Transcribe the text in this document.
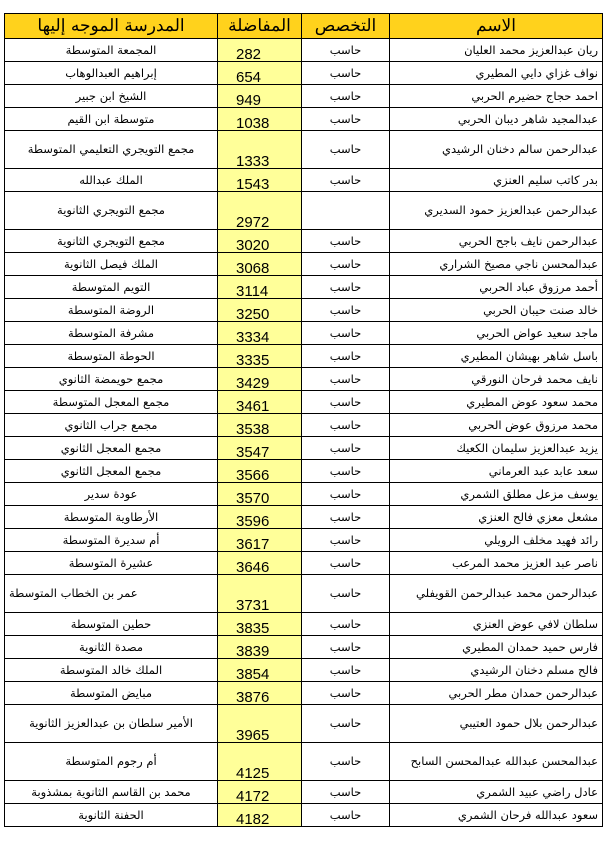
الاسم	التخصص	المفاضلة	المدرسة الموجه إليها
ريان عبدالعزيز محمد العليان	حاسب	282	المجمعة المتوسطة
نواف غزاي دايي المطيري	حاسب	654	إبراهيم العبدالوهاب
احمد حجاج حضيرم الحربي	حاسب	949	الشيخ ابن جبير
عبدالمجيد شاهر ديبان الحربي	حاسب	1038	متوسطة ابن القيم
عبدالرحمن سالم دخنان الرشيدي	حاسب	1333	مجمع التويجري التعليمي المتوسطة
بدر كاتب سليم العنزي	حاسب	1543	الملك عبدالله
عبدالرحمن عبدالعزيز حمود السديري		2972	مجمع التويجري الثانوية
عبدالرحمن نايف باجح الحربي	حاسب	3020	مجمع التويجري الثانوية
عبدالمحسن ناجي مصيخ الشراري	حاسب	3068	الملك فيصل الثانوية
أحمد مرزوق عباد الحربي	حاسب	3114	التويم المتوسطة
خالد صنت حيبان الحربي	حاسب	3250	الروضة المتوسطة
ماجد سعيد عواض الحربي	حاسب	3334	مشرفة المتوسطة
باسل شاهر بهيشان المطيري	حاسب	3335	الحوطة المتوسطة
نايف محمد فرحان النورقي	حاسب	3429	مجمع حويمضة الثانوي
محمد سعود عوض المطيري	حاسب	3461	مجمع المعجل المتوسطة
محمد مرزوق عوض الحربي	حاسب	3538	مجمع جراب الثانوي
يزيد عبدالعزيز سليمان الكعيك	حاسب	3547	مجمع المعجل الثانوي
سعد عابد عبد العرماني	حاسب	3566	مجمع المعجل الثانوي
يوسف مزعل مطلق الشمري	حاسب	3570	عودة سدير
مشعل معزي فالح العنزي	حاسب	3596	الأرطاوية المتوسطة
رائد فهيد مخلف الرويلي	حاسب	3617	أم سديرة المتوسطة
ناصر عبد العزيز محمد المرعب	حاسب	3646	عشيرة المتوسطة
عبدالرحمن محمد عبدالرحمن القويفلي	حاسب	3731	عمر بن الخطاب المتوسطة
سلطان لافي عوض العنزي	حاسب	3835	حطين المتوسطة
فارس حميد حمدان المطيري	حاسب	3839	مصدة الثانوية
فالح مسلم دخنان الرشيدي	حاسب	3854	الملك خالد المتوسطة
عبدالرحمن حمدان مطر الحربي	حاسب	3876	مبايض المتوسطة
عبدالرحمن بلال حمود العتيبي	حاسب	3965	الأمير سلطان بن عبدالعزيز الثانوية
عبدالمحسن عبدالله عبدالمحسن السابح	حاسب	4125	أم رجوم المتوسطة
عادل راضي عبيد الشمري	حاسب	4172	محمد بن القاسم الثانوية بمشذوبة
سعود عبدالله فرحان الشمري	حاسب	4182	الحفنة الثانوية
